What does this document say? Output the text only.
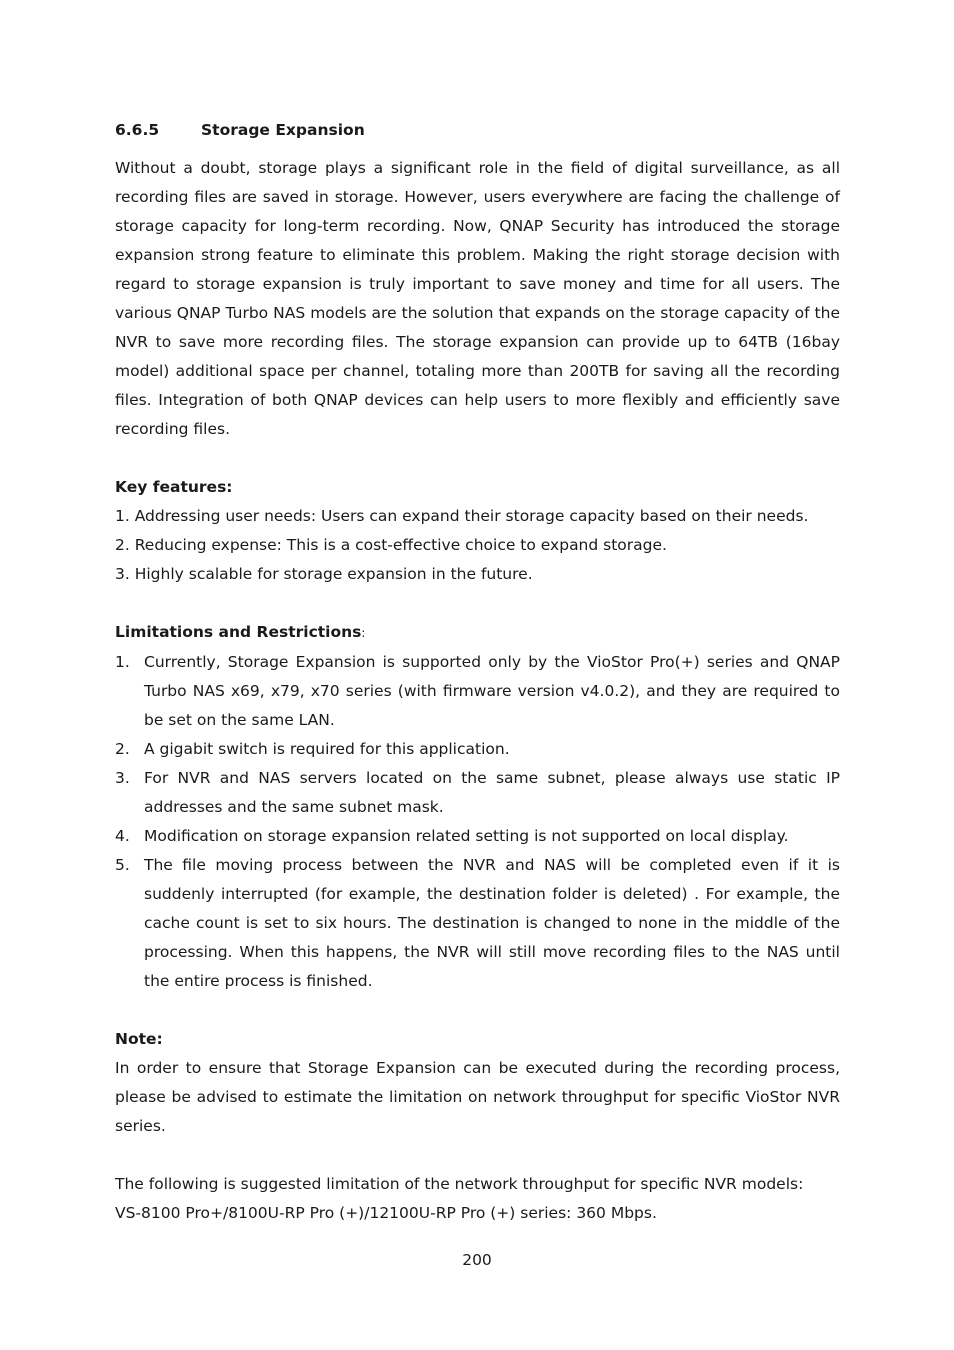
6.6.5	Storage Expansion

Without a doubt, storage plays a significant role in the field of digital surveillance, as all recording files are saved in storage. However, users everywhere are facing the challenge of storage capacity for long-term recording. Now, QNAP Security has introduced the storage expansion strong feature to eliminate this problem. Making the right storage decision with regard to storage expansion is truly important to save money and time for all users. The various QNAP Turbo NAS models are the solution that expands on the storage capacity of the NVR to save more recording files. The storage expansion can provide up to 64TB (16bay model) additional space per channel, totaling more than 200TB for saving all the recording files. Integration of both QNAP devices can help users to more flexibly and efficiently save recording files.

Key features:
1. Addressing user needs: Users can expand their storage capacity based on their needs.
2. Reducing expense: This is a cost-effective choice to expand storage.
3. Highly scalable for storage expansion in the future.
Limitations and Restrictions:
1. Currently, Storage Expansion is supported only by the VioStor Pro(+) series and QNAP Turbo NAS x69, x79, x70 series (with firmware version v4.0.2), and they are required to be set on the same LAN.
2. A gigabit switch is required for this application.
3. For NVR and NAS servers located on the same subnet, please always use static IP addresses and the same subnet mask.
4. Modification on storage expansion related setting is not supported on local display.
5. The file moving process between the NVR and NAS will be completed even if it is suddenly interrupted (for example, the destination folder is deleted) . For example, the cache count is set to six hours. The destination is changed to none in the middle of the processing. When this happens, the NVR will still move recording files to the NAS until the entire process is finished.
Note:

In order to ensure that Storage Expansion can be executed during the recording process, please be advised to estimate the limitation on network throughput for specific VioStor NVR series.

The following is suggested limitation of the network throughput for specific NVR models:
VS-8100 Pro+/8100U-RP Pro (+)/12100U-RP Pro (+) series: 360 Mbps.
200
